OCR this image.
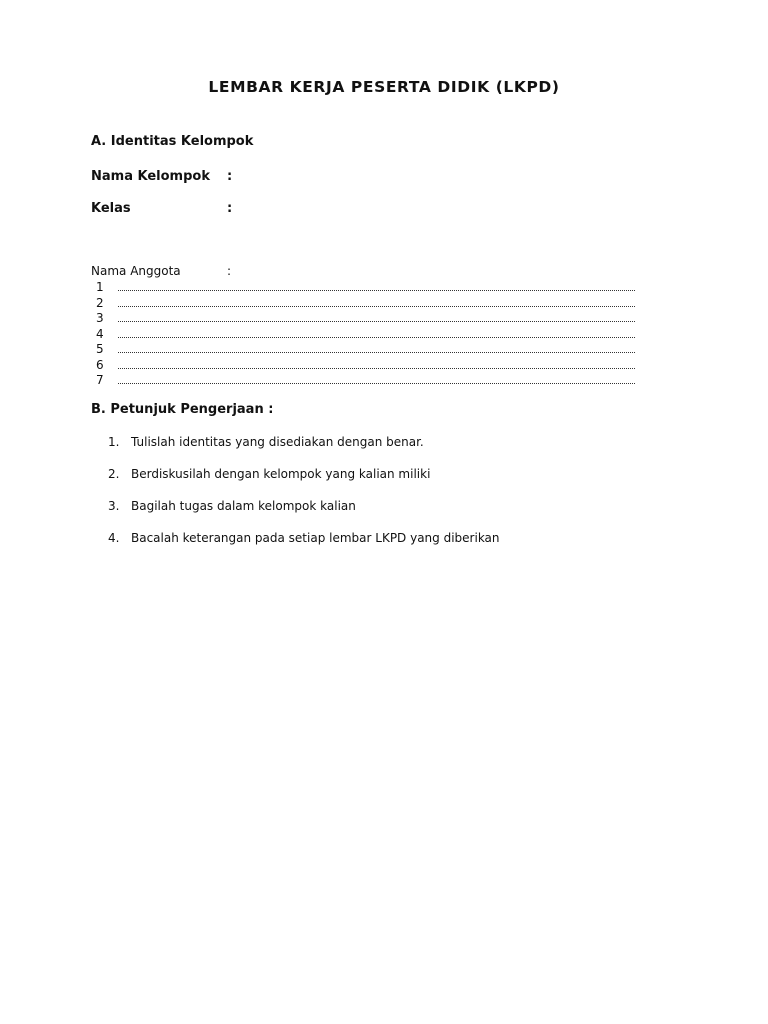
LEMBAR KERJA PESERTA DIDIK (LKPD)
A. Identitas Kelompok
Nama Kelompok :
Kelas	:
Nama Anggota	:
1
2
3
4
5
6
7
B. Petunjuk Pengerjaan :
1. Tulislah identitas yang disediakan dengan benar.
2. Berdiskusilah dengan kelompok yang kalian miliki
3. Bagilah tugas dalam kelompok kalian
4. Bacalah keterangan pada setiap lembar LKPD yang diberikan
